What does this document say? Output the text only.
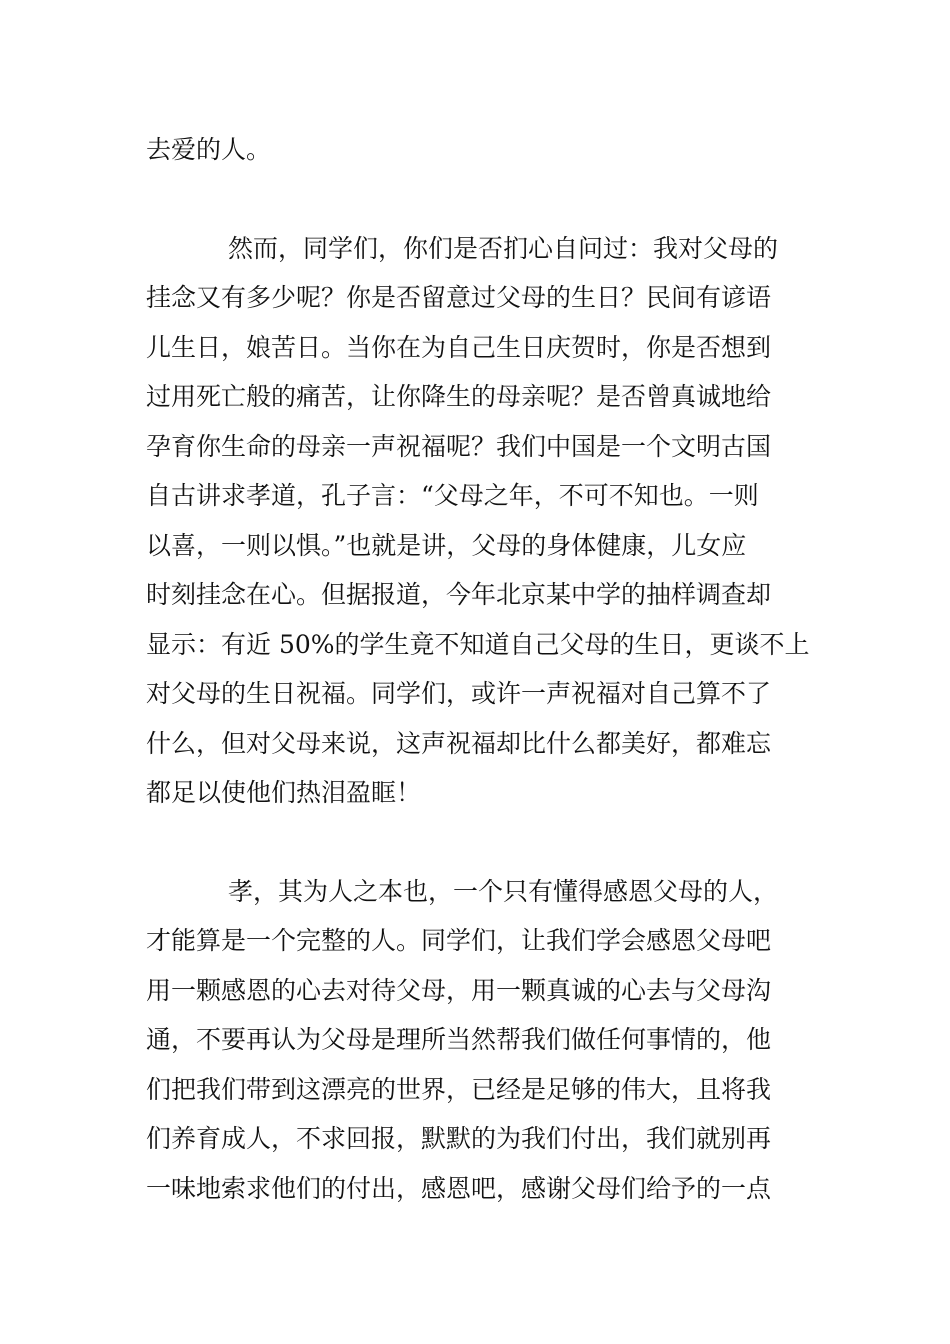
去爱的人。
然而，同学们，你们是否扪心自问过：我对父母的
挂念又有多少呢？你是否留意过父母的生日？民间有谚语
儿生日，娘苦日。当你在为自己生日庆贺时，你是否想到
过用死亡般的痛苦，让你降生的母亲呢？是否曾真诚地给
孕育你生命的母亲一声祝福呢？我们中国是一个文明古国
自古讲求孝道，孔子言：“父母之年，不可不知也。一则
以喜，一则以惧。”也就是讲，父母的身体健康，儿女应
时刻挂念在心。但据报道，今年北京某中学的抽样调查却
显示：有近 50%的学生竟不知道自己父母的生日，更谈不上
对父母的生日祝福。同学们，或许一声祝福对自己算不了
什么，但对父母来说，这声祝福却比什么都美好，都难忘
都足以使他们热泪盈眶！
孝，其为人之本也，一个只有懂得感恩父母的人，
才能算是一个完整的人。同学们，让我们学会感恩父母吧
用一颗感恩的心去对待父母，用一颗真诚的心去与父母沟
通，不要再认为父母是理所当然帮我们做任何事情的，他
们把我们带到这漂亮的世界，已经是足够的伟大，且将我
们养育成人，不求回报，默默的为我们付出，我们就别再
一味地索求他们的付出，感恩吧，感谢父母们给予的一点
